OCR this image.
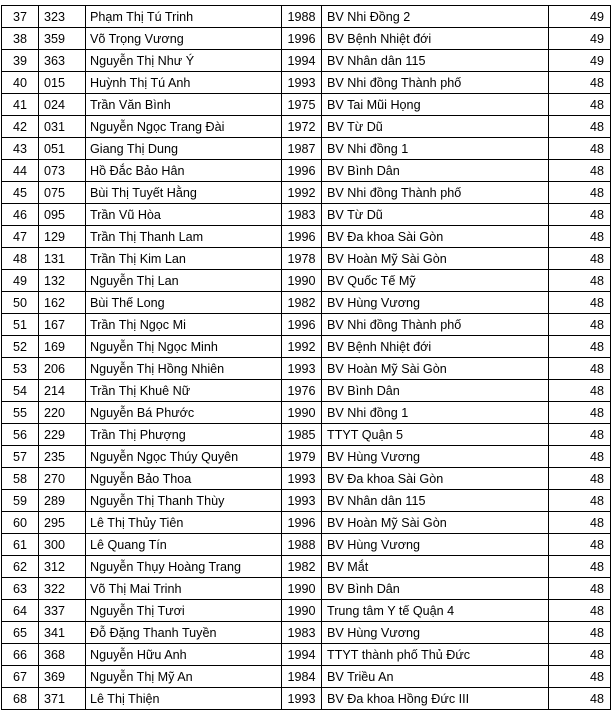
37	323	Phạm Thị Tú Trinh	1988	BV Nhi Đồng 2	49
38	359	Võ Trọng Vương	1996	BV Bệnh Nhiệt đới	49
39	363	Nguyễn Thị Như Ý	1994	BV Nhân dân 115	49
40	015	Huỳnh Thị Tú Anh	1993	BV Nhi đồng Thành phố	48
41	024	Trần Văn Bình	1975	BV Tai Mũi Họng	48
42	031	Nguyễn Ngọc Trang Đài	1972	BV Từ Dũ	48
43	051	Giang Thị Dung	1987	BV Nhi đồng 1	48
44	073	Hồ Đắc Bảo Hân	1996	BV Bình Dân	48
45	075	Bùi Thị Tuyết Hằng	1992	BV Nhi đồng Thành phố	48
46	095	Trần Vũ Hòa	1983	BV Từ Dũ	48
47	129	Trần Thị Thanh Lam	1996	BV Đa khoa Sài Gòn	48
48	131	Trần Thị Kim Lan	1978	BV Hoàn Mỹ Sài Gòn	48
49	132	Nguyễn Thị Lan	1990	BV Quốc Tế Mỹ	48
50	162	Bùi Thế Long	1982	BV Hùng Vương	48
51	167	Trần Thị Ngọc Mi	1996	BV Nhi đồng Thành phố	48
52	169	Nguyễn Thị Ngọc Minh	1992	BV Bệnh Nhiệt đới	48
53	206	Nguyễn Thị Hồng Nhiên	1993	BV Hoàn Mỹ Sài Gòn	48
54	214	Trần Thị Khuê Nữ	1976	BV Bình Dân	48
55	220	Nguyễn Bá Phước	1990	BV Nhi đồng 1	48
56	229	Trần Thị Phượng	1985	TTYT Quận 5	48
57	235	Nguyễn Ngọc Thúy Quyên	1979	BV Hùng Vương	48
58	270	Nguyễn Bảo Thoa	1993	BV Đa khoa Sài Gòn	48
59	289	Nguyễn Thị Thanh Thùy	1993	BV Nhân dân 115	48
60	295	Lê Thị Thủy Tiên	1996	BV Hoàn Mỹ Sài Gòn	48
61	300	Lê Quang Tín	1988	BV Hùng Vương	48
62	312	Nguyễn Thụy Hoàng Trang	1982	BV Mắt	48
63	322	Võ Thị Mai Trinh	1990	BV Bình Dân	48
64	337	Nguyễn Thị Tươi	1990	Trung tâm Y tế Quận 4	48
65	341	Đỗ Đặng Thanh Tuyền	1983	BV Hùng Vương	48
66	368	Nguyễn Hữu Anh	1994	TTYT thành phố Thủ Đức	48
67	369	Nguyễn Thị Mỹ An	1984	BV Triều An	48
68	371	Lê Thị Thiện	1993	BV Đa khoa Hồng Đức III	48
